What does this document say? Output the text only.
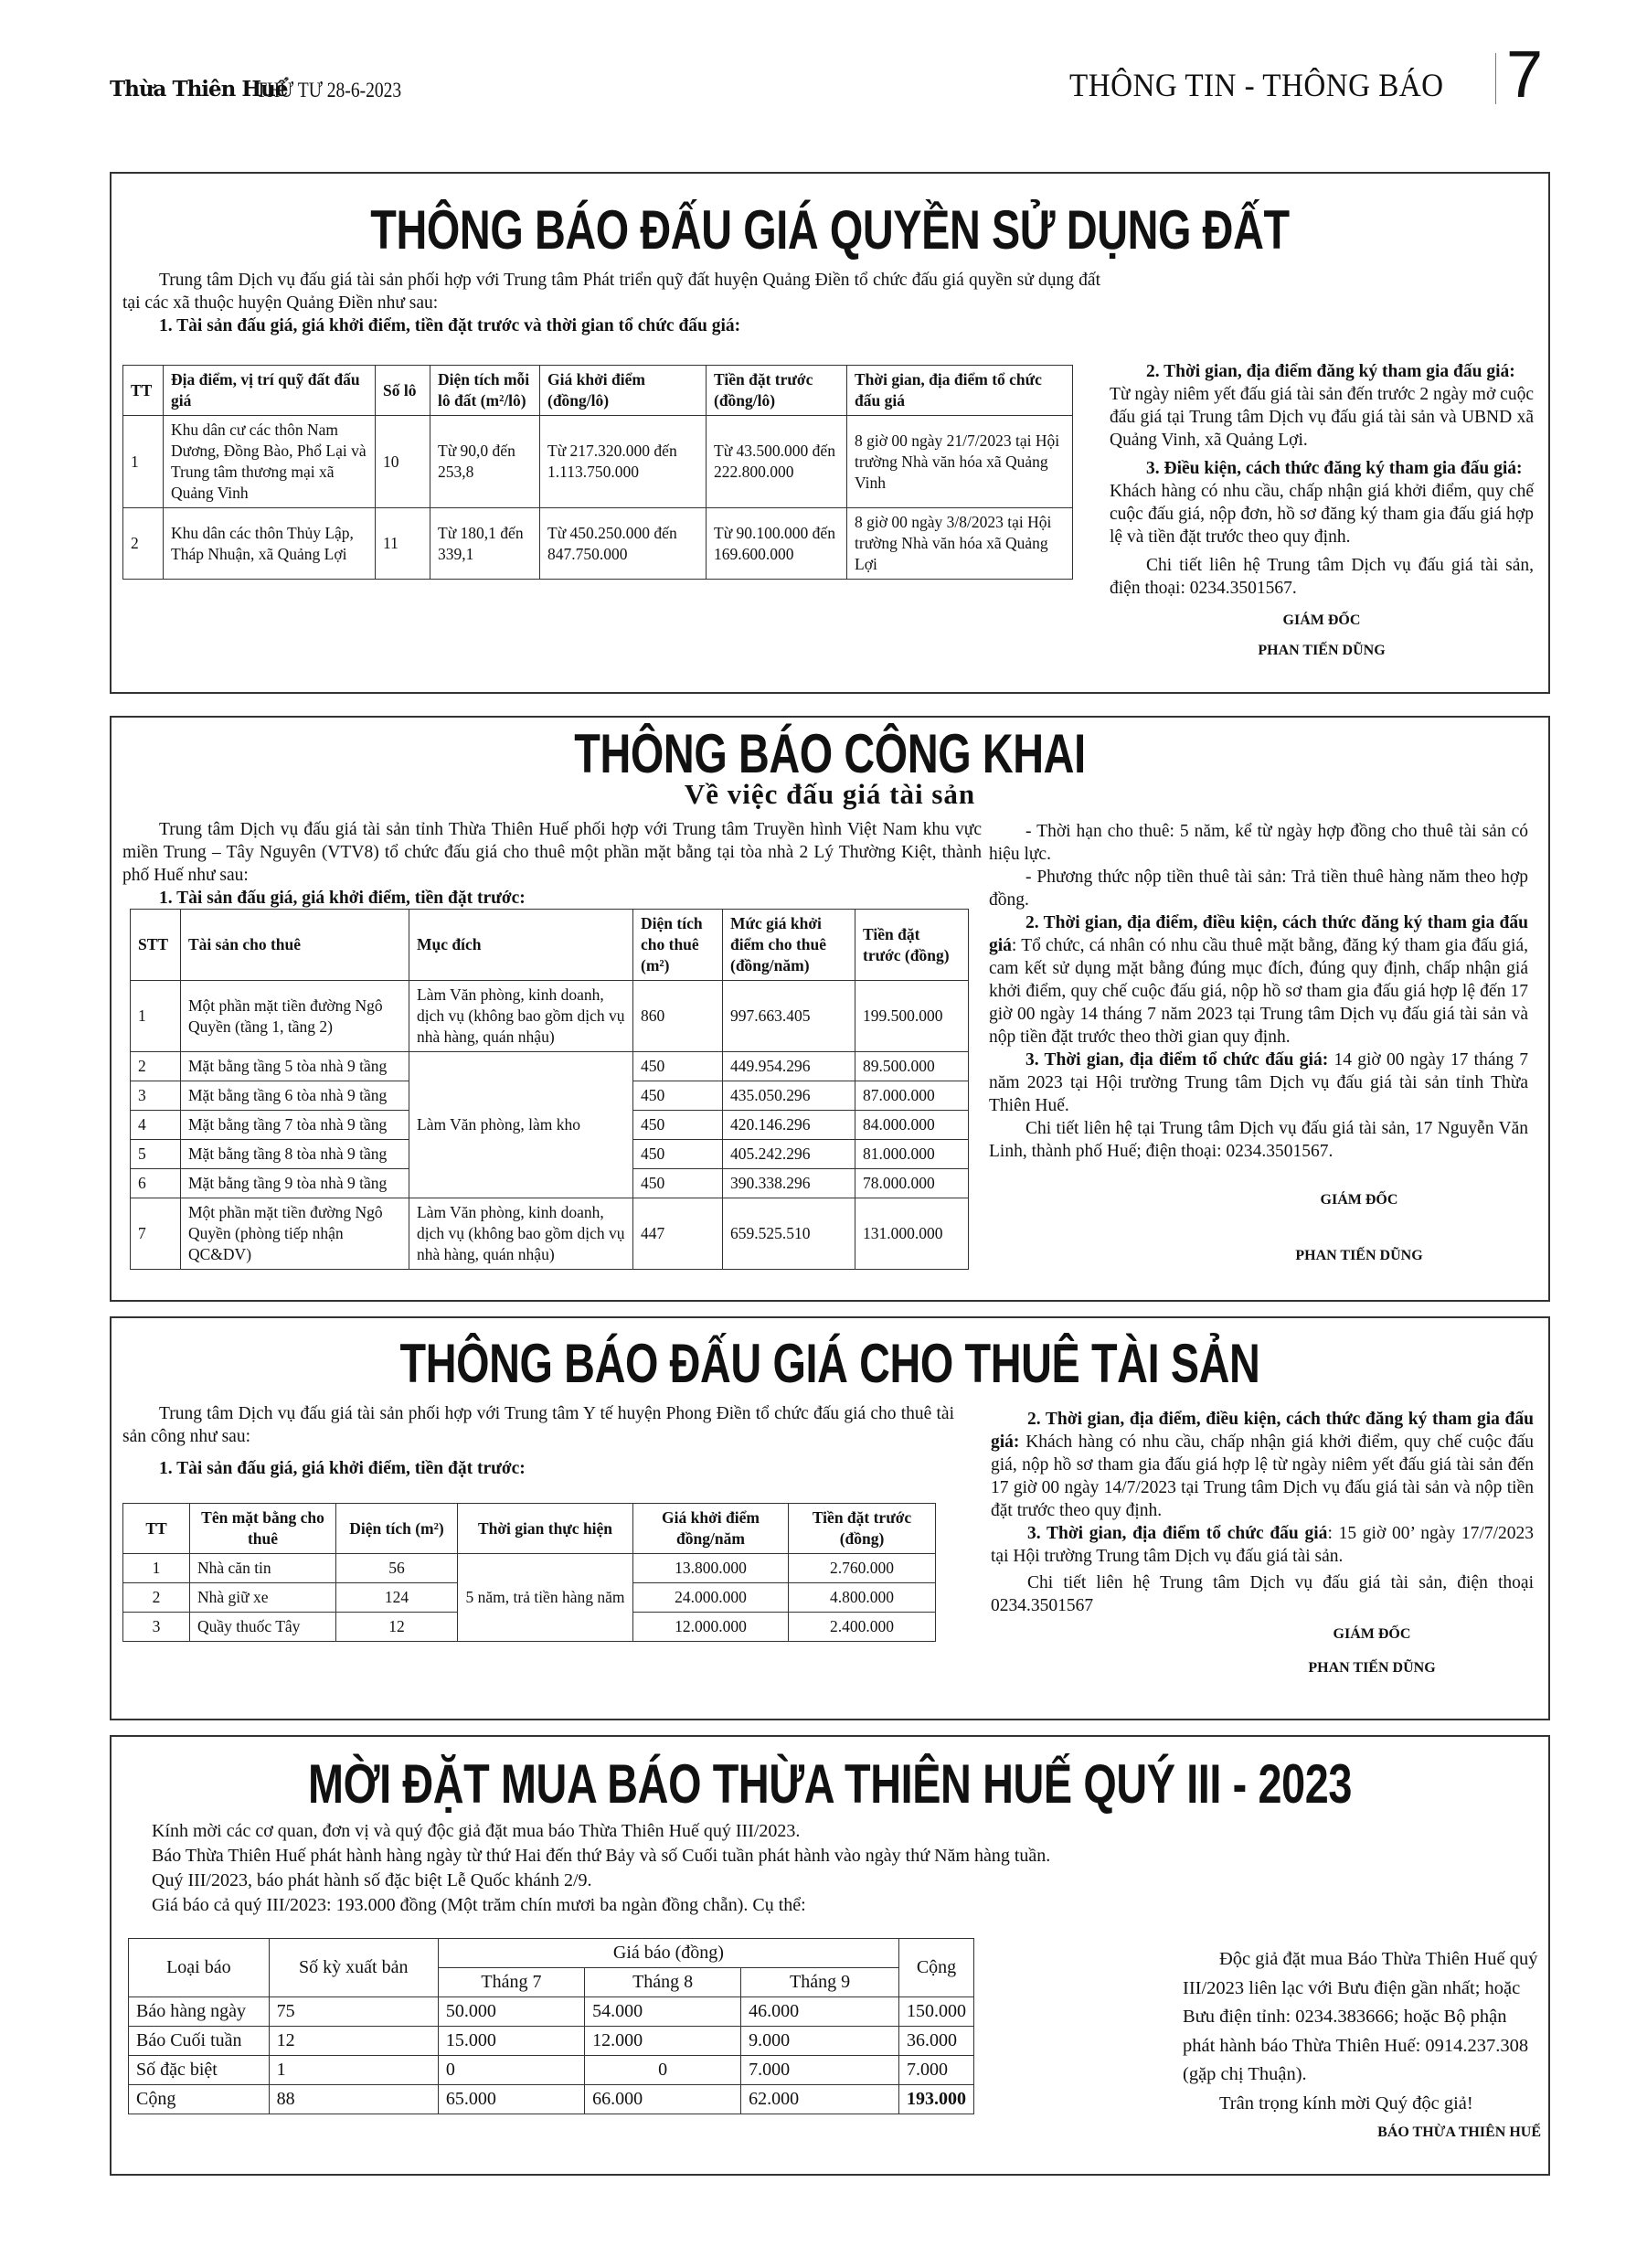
Thừa Thiên Huế
THỨ TƯ 28-6-2023	THÔNG TIN - THÔNG BÁO 7
THÔNG BÁO ĐẤU GIÁ QUYỀN SỬ DỤNG ĐẤT

Trung tâm Dịch vụ đấu giá tài sản phối hợp với Trung tâm Phát triển quỹ đất huyện Quảng Điền tổ chức đấu giá quyền sử dụng đất tại các xã thuộc huyện Quảng Điền như sau:

1. Tài sản đấu giá, giá khởi điểm, tiền đặt trước và thời gian tổ chức đấu giá:

TT	Địa điểm, vị trí quỹ đất đấu giá	Số lô	Diện tích mỗi lô đất (m²/lô)	Giá khởi điểm (đồng/lô)	Tiền đặt trước (đồng/lô)	Thời gian, địa điểm tổ chức đấu giá
1	Khu dân cư các thôn Nam Dương, Đồng Bào, Phổ Lại và Trung tâm thương mại xã Quảng Vinh	10	Từ 90,0 đến 253,8	Từ 217.320.000 đến 1.113.750.000	Từ 43.500.000 đến 222.800.000	8 giờ 00 ngày 21/7/2023 tại Hội trường Nhà văn hóa xã Quảng Vinh
2	Khu dân các thôn Thủy Lập, Tháp Nhuận, xã Quảng Lợi	11	Từ 180,1 đến 339,1	Từ 450.250.000 đến 847.750.000	Từ 90.100.000 đến 169.600.000	8 giờ 00 ngày 3/8/2023 tại Hội trường Nhà văn hóa xã Quảng Lợi

2. Thời gian, địa điểm đăng ký tham gia đấu giá:

Từ ngày niêm yết đấu giá tài sản đến trước 2 ngày mở cuộc đấu giá tại Trung tâm Dịch vụ đấu giá tài sản và UBND xã Quảng Vinh, xã Quảng Lợi.

3. Điều kiện, cách thức đăng ký tham gia đấu giá:

Khách hàng có nhu cầu, chấp nhận giá khởi điểm, quy chế cuộc đấu giá, nộp đơn, hồ sơ đăng ký tham gia đấu giá hợp lệ và tiền đặt trước theo quy định.

Chi tiết liên hệ Trung tâm Dịch vụ đấu giá tài sản, điện thoại: 0234.3501567.

GIÁM ĐỐC

PHAN TIẾN DŨNG

THÔNG BÁO CÔNG KHAI
Về việc đấu giá tài sản

Trung tâm Dịch vụ đấu giá tài sản tỉnh Thừa Thiên Huế phối hợp với Trung tâm Truyền hình Việt Nam khu vực miền Trung – Tây Nguyên (VTV8) tổ chức đấu giá cho thuê một phần mặt bằng tại tòa nhà 2 Lý Thường Kiệt, thành phố Huế như sau:

1. Tài sản đấu giá, giá khởi điểm, tiền đặt trước:

STT	Tài sản cho thuê	Mục đích	Diện tích cho thuê (m²)	Mức giá khởi điểm cho thuê (đồng/năm)	Tiền đặt trước (đồng)
1	Một phần mặt tiền đường Ngô Quyền (tầng 1, tầng 2)	Làm Văn phòng, kinh doanh, dịch vụ (không bao gồm dịch vụ nhà hàng, quán nhậu)	860	997.663.405	199.500.000
2	Mặt bằng tầng 5 tòa nhà 9 tầng	Làm Văn phòng, làm kho	450	449.954.296	89.500.000
3	Mặt bằng tầng 6 tòa nhà 9 tầng		450	435.050.296	87.000.000
4	Mặt bằng tầng 7 tòa nhà 9 tầng		450	420.146.296	84.000.000
5	Mặt bằng tầng 8 tòa nhà 9 tầng		450	405.242.296	81.000.000
6	Mặt bằng tầng 9 tòa nhà 9 tầng		450	390.338.296	78.000.000
7	Một phần mặt tiền đường Ngô Quyền (phòng tiếp nhận QC&DV)	Làm Văn phòng, kinh doanh, dịch vụ (không bao gồm dịch vụ nhà hàng, quán nhậu)	447	659.525.510	131.000.000

- Thời hạn cho thuê: 5 năm, kể từ ngày hợp đồng cho thuê tài sản có hiệu lực.

- Phương thức nộp tiền thuê tài sản: Trả tiền thuê hàng năm theo hợp đồng.

2. Thời gian, địa điểm, điều kiện, cách thức đăng ký tham gia đấu giá: Tổ chức, cá nhân có nhu cầu thuê mặt bằng, đăng ký tham gia đấu giá, cam kết sử dụng mặt bằng đúng mục đích, đúng quy định, chấp nhận giá khởi điểm, quy chế cuộc đấu giá, nộp hồ sơ tham gia đấu giá hợp lệ đến 17 giờ 00 ngày 14 tháng 7 năm 2023 tại Trung tâm Dịch vụ đấu giá tài sản và nộp tiền đặt trước theo thời gian quy định.

3. Thời gian, địa điểm tổ chức đấu giá: 14 giờ 00 ngày 17 tháng 7 năm 2023 tại Hội trường Trung tâm Dịch vụ đấu giá tài sản tỉnh Thừa Thiên Huế.

Chi tiết liên hệ tại Trung tâm Dịch vụ đấu giá tài sản, 17 Nguyễn Văn Linh, thành phố Huế; điện thoại: 0234.3501567.

GIÁM ĐỐC

PHAN TIẾN DŨNG

THÔNG BÁO ĐẤU GIÁ CHO THUÊ TÀI SẢN

Trung tâm Dịch vụ đấu giá tài sản phối hợp với Trung tâm Y tế huyện Phong Điền tổ chức đấu giá cho thuê tài sản công như sau:

1. Tài sản đấu giá, giá khởi điểm, tiền đặt trước:

TT	Tên mặt bằng cho thuê	Diện tích (m²)	Thời gian thực hiện	Giá khởi điểm đồng/năm	Tiền đặt trước (đồng)
1	Nhà căn tin	56	5 năm, trả tiền hàng năm	13.800.000	2.760.000
2	Nhà giữ xe	124		24.000.000	4.800.000
3	Quầy thuốc Tây	12		12.000.000	2.400.000

2. Thời gian, địa điểm, điều kiện, cách thức đăng ký tham gia đấu giá: Khách hàng có nhu cầu, chấp nhận giá khởi điểm, quy chế cuộc đấu giá, nộp hồ sơ tham gia đấu giá hợp lệ từ ngày niêm yết đấu giá tài sản đến 17 giờ 00 ngày 14/7/2023 tại Trung tâm Dịch vụ đấu giá tài sản và nộp tiền đặt trước theo quy định.

3. Thời gian, địa điểm tổ chức đấu giá: 15 giờ 00’ ngày 17/7/2023 tại Hội trường Trung tâm Dịch vụ đấu giá tài sản.

Chi tiết liên hệ Trung tâm Dịch vụ đấu giá tài sản, điện thoại 0234.3501567

GIÁM ĐỐC

PHAN TIẾN DŨNG

MỜI ĐẶT MUA BÁO THỪA THIÊN HUẾ QUÝ III - 2023

Kính mời các cơ quan, đơn vị và quý độc giả đặt mua báo Thừa Thiên Huế quý III/2023.

Báo Thừa Thiên Huế phát hành hàng ngày từ thứ Hai đến thứ Bảy và số Cuối tuần phát hành vào ngày thứ Năm hàng tuần.

Quý III/2023, báo phát hành số đặc biệt Lễ Quốc khánh 2/9.

Giá báo cả quý III/2023: 193.000 đồng (Một trăm chín mươi ba ngàn đồng chẵn). Cụ thể:

Loại báo	Số kỳ xuất bản	Giá báo (đồng)			Cộng
		Tháng 7	Tháng 8	Tháng 9	
Báo hàng ngày	75	50.000	54.000	46.000	150.000
Báo Cuối tuần	12	15.000	12.000	9.000	36.000
Số đặc biệt	1	0	0	7.000	7.000
Cộng	88	65.000	66.000	62.000	193.000

Độc giả đặt mua Báo Thừa Thiên Huế quý III/2023 liên lạc với Bưu điện gần nhất; hoặc Bưu điện tỉnh: 0234.383666; hoặc Bộ phận phát hành báo Thừa Thiên Huế: 0914.237.308 (gặp chị Thuận).

Trân trọng kính mời Quý độc giả!

BÁO THỪA THIÊN HUẾ
